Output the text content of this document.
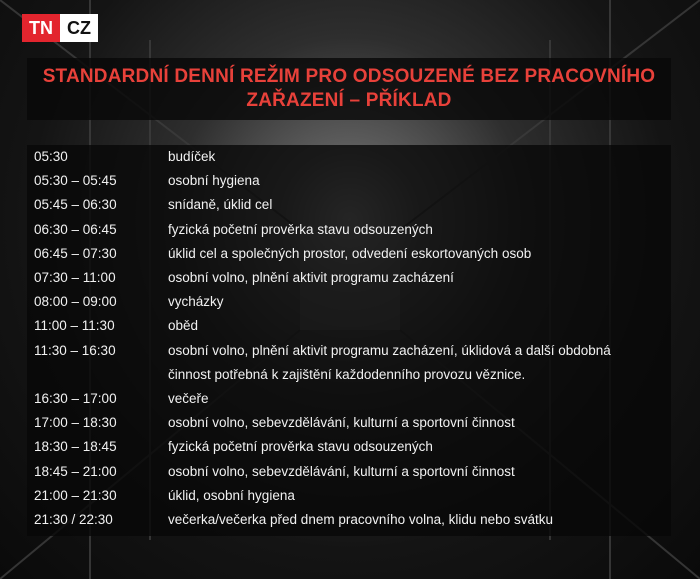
TN CZ
STANDARDNÍ DENNÍ REŽIM PRO ODSOUZENÉ BEZ PRACOVNÍHO ZAŘAZENÍ – PŘÍKLAD
05:30	budíček
05:30 – 05:45	osobní hygiena
05:45 – 06:30	snídaně, úklid cel
06:30 – 06:45	fyzická početní prověrka stavu odsouzených
06:45 – 07:30	úklid cel a společných prostor, odvedení eskortovaných osob
07:30 – 11:00	osobní volno, plnění aktivit programu zacházení
08:00 – 09:00	vycházky
11:00 – 11:30	oběd
11:30 – 16:30	osobní volno, plnění aktivit programu zacházení, úklidová a další obdobná
činnost potřebná k zajištění každodenního provozu věznice.
16:30 – 17:00	večeře
17:00 – 18:30	osobní volno, sebevzdělávání, kulturní a sportovní činnost
18:30 – 18:45	fyzická početní prověrka stavu odsouzených
18:45 – 21:00	osobní volno, sebevzdělávání, kulturní a sportovní činnost
21:00 – 21:30	úklid, osobní hygiena
21:30 / 22:30	večerka/večerka před dnem pracovního volna, klidu nebo svátku
